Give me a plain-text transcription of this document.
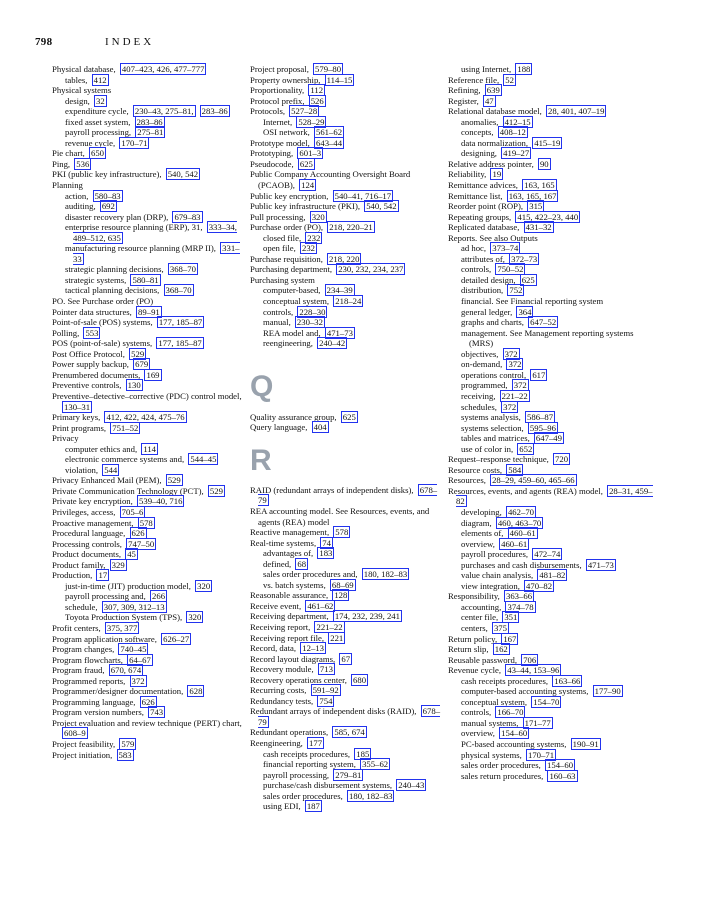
798	INDEX
Physical database, 407–423, 426, 477–777
tables, 412
Physical systems
design, 32
expenditure cycle, 230–43, 275–81, 283–86
fixed asset system, 283–86
payroll processing, 275–81
revenue cycle, 170–71
Pie chart, 650
Ping, 536
PKI (public key infrastructure), 540, 542
Planning
action, 580–83
auditing, 692
disaster recovery plan (DRP), 679–83
enterprise resource planning (ERP), 31, 333–34, 489–512, 635
manufacturing resource planning (MRP II), 331–33
strategic planning decisions, 368–70
strategic systems, 580–81
tactical planning decisions, 368–70
PO. See Purchase order (PO)
Pointer data structures, 89–91
Point-of-sale (POS) systems, 177, 185–87
Polling, 553
POS (point-of-sale) systems, 177, 185–87
Post Office Protocol, 529
Power supply backup, 679
Prenumbered documents, 169
Preventive controls, 130
Preventive–detective–corrective (PDC) control model, 130–31
Primary keys, 412, 422, 424, 475–76
Print programs, 751–52
Privacy
computer ethics and, 114
electronic commerce systems and, 544–45
violation, 544
Privacy Enhanced Mail (PEM), 529
Private Communication Technology (PCT), 529
Private key encryption, 539–40, 716
Privileges, access, 705–6
Proactive management, 578
Procedural language, 626
Processing controls, 747–50
Product documents, 45
Product family, 329
Production, 17
just-in-time (JIT) production model, 320
payroll processing and, 266
schedule, 307, 309, 312–13
Toyota Production System (TPS), 320
Profit centers, 375, 377
Program application software, 626–27
Program changes, 740–45
Program flowcharts, 64–67
Program fraud, 670, 674
Programmed reports, 372
Programmer/designer documentation, 628
Programming language, 626
Program version numbers, 743
Project evaluation and review technique (PERT) chart, 608–9
Project feasibility, 579
Project initiation, 583
Project proposal, 579–80
Property ownership, 114–15
Proportionality, 112
Protocol prefix, 526
Protocols, 527–28
Internet, 528–29
OSI network, 561–62
Prototype model, 643–44
Prototyping, 601–3
Pseudocode, 625
Public Company Accounting Oversight Board (PCAOB), 124
Public key encryption, 540–41, 716–17
Public key infrastructure (PKI), 540, 542
Pull processing, 320
Purchase order (PO), 218, 220–21
closed file, 232
open file, 232
Purchase requisition, 218, 220
Purchasing department, 230, 232, 234, 237
Purchasing system
computer-based, 234–39
conceptual system, 218–24
controls, 228–30
manual, 230–32
REA model and, 471–73
reengineering, 240–42
Q
Quality assurance group, 625
Query language, 404
R
RAID (redundant arrays of independent disks), 678–79
REA accounting model. See Resources, events, and agents (REA) model
Reactive management, 578
Real-time systems, 74
advantages of, 183
defined, 68
sales order procedures and, 180, 182–83
vs. batch systems, 68–69
Reasonable assurance, 128
Receive event, 461–62
Receiving department, 174, 232, 239, 241
Receiving report, 221–22
Receiving report file, 221
Record, data, 12–13
Record layout diagrams, 67
Recovery module, 713
Recovery operations center, 680
Recurring costs, 591–92
Redundancy tests, 754
Redundant arrays of independent disks (RAID), 678–79
Redundant operations, 585, 674
Reengineering, 177
cash receipts procedures, 185
financial reporting system, 355–62
payroll processing, 279–81
purchase/cash disbursement systems, 240–43
sales order procedures, 180, 182–83
using EDI, 187
using Internet, 188
Reference file, 52
Refining, 639
Register, 47
Relational database model, 28, 401, 407–19
anomalies, 412–15
concepts, 408–12
data normalization, 415–19
designing, 419–27
Relative address pointer, 90
Reliability, 19
Remittance advices, 163, 165
Remittance list, 163, 165, 167
Reorder point (ROP), 315
Repeating groups, 415, 422–23, 440
Replicated database, 431–32
Reports. See also Outputs
ad hoc, 373–74
attributes of, 372–73
controls, 750–52
detailed design, 625
distribution, 752
financial. See Financial reporting system
general ledger, 364
graphs and charts, 647–52
management. See Management reporting systems (MRS)
objectives, 372
on-demand, 372
operations control, 617
programmed, 372
receiving, 221–22
schedules, 372
systems analysis, 586–87
systems selection, 595–96
tables and matrices, 647–49
use of color in, 652
Request–response technique, 720
Resource costs, 584
Resources, 28–29, 459–60, 465–66
Resources, events, and agents (REA) model, 28–31, 459–82
developing, 462–70
diagram, 460, 463–70
elements of, 460–61
overview, 460–61
payroll procedures, 472–74
purchases and cash disbursements, 471–73
value chain analysis, 481–82
view integration, 470–82
Responsibility, 363–66
accounting, 374–78
center file, 351
centers, 375
Return policy, 167
Return slip, 162
Reusable password, 706
Revenue cycle, 43–44, 153–96
cash receipts procedures, 163–66
computer-based accounting systems, 177–90
conceptual system, 154–70
controls, 166–70
manual systems, 171–77
overview, 154–60
PC-based accounting systems, 190–91
physical systems, 170–71
sales order procedures, 154–60
sales return procedures, 160–63
